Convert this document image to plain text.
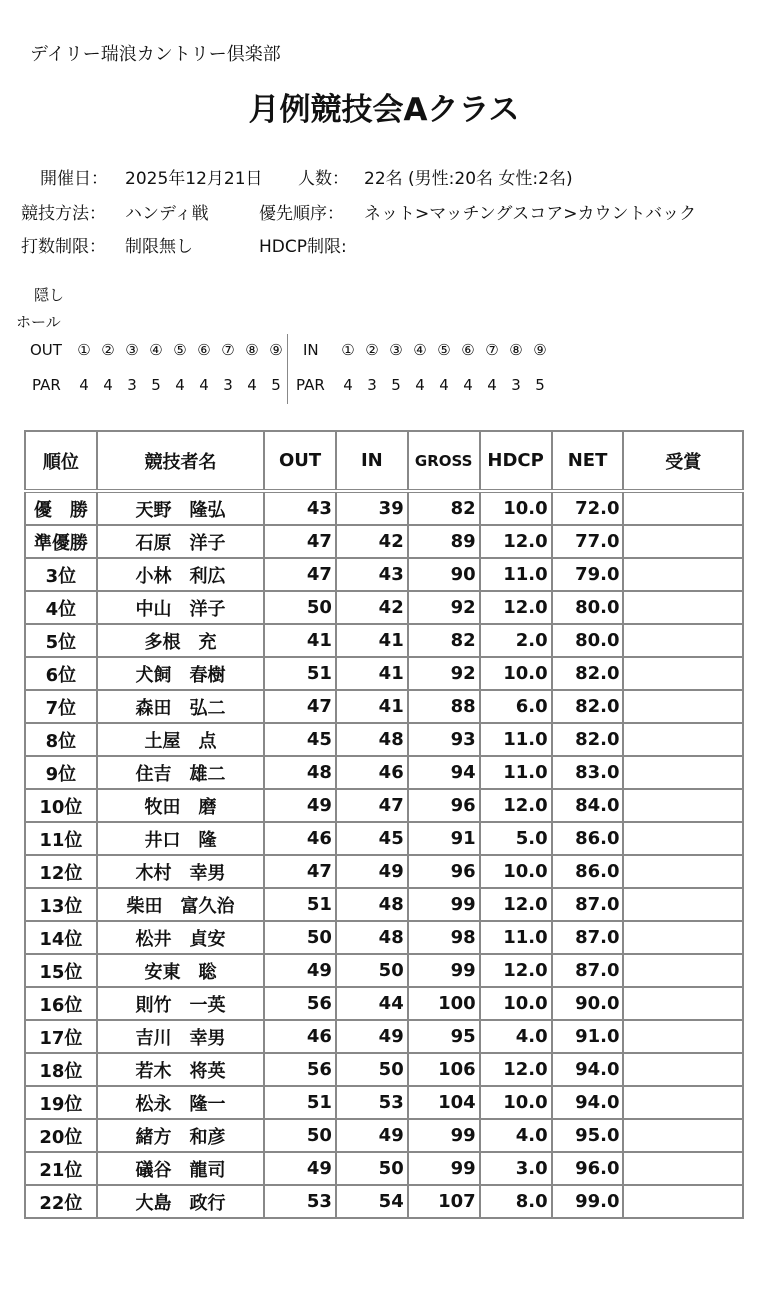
デイリー瑞浪カントリー倶楽部
月例競技会Aクラス
開催日： 2025年12月21日 人数： 22名 (男性:20名 女性:2名)
競技方法： ハンディ戦	優先順序： ネット>マッチングスコア>カウントバック
打数制限： 制限無し	HDCP制限:
隠し
ホール
OUT	IN
PAR	PAR
① ② ③ ④ ⑤ ⑥ ⑦ ⑧ ⑨	① ② ③ ④ ⑤ ⑥ ⑦ ⑧ ⑨
4 4 3 5 4 4 3 4 5	4 3 5 4 4 4 4 3 5
順位	競技者名	OUT	IN	GROSS	HDCP	NET	受賞
優　勝	天野　隆弘	43	39	82	10.0	72.0	
準優勝	石原　洋子	47	42	89	12.0	77.0	
3位	小林　利広	47	43	90	11.0	79.0	
4位	中山　洋子	50	42	92	12.0	80.0	
5位	多根　充	41	41	82	2.0	80.0	
6位	犬飼　春樹	51	41	92	10.0	82.0	
7位	森田　弘二	47	41	88	6.0	82.0	
8位	土屋　点	45	48	93	11.0	82.0	
9位	住吉　雄二	48	46	94	11.0	83.0	
10位	牧田　磨	49	47	96	12.0	84.0	
11位	井口　隆	46	45	91	5.0	86.0	
12位	木村　幸男	47	49	96	10.0	86.0	
13位	柴田　富久治	51	48	99	12.0	87.0	
14位	松井　貞安	50	48	98	11.0	87.0	
15位	安東　聡	49	50	99	12.0	87.0	
16位	則竹　一英	56	44	100	10.0	90.0	
17位	吉川　幸男	46	49	95	4.0	91.0	
18位	若木　将英	56	50	106	12.0	94.0	
19位	松永　隆一	51	53	104	10.0	94.0	
20位	緒方　和彦	50	49	99	4.0	95.0	
21位	礒谷　龍司	49	50	99	3.0	96.0	
22位	大島　政行	53	54	107	8.0	99.0	
